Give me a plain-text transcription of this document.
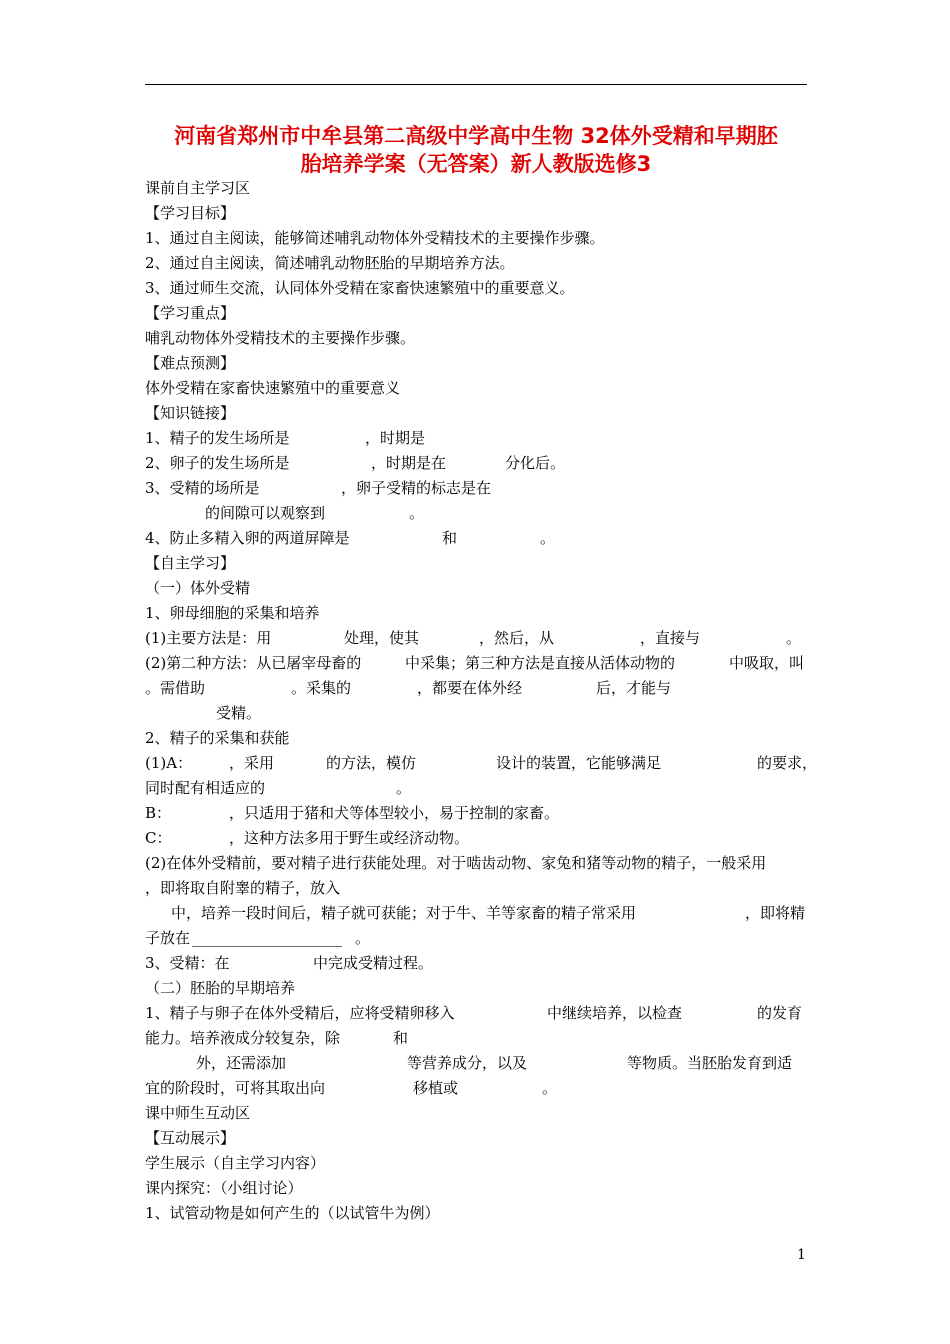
河南省郑州市中牟县第二高级中学高中生物 32体外受精和早期胚
胎培养学案（无答案）新人教版选修3
课前自主学习区
【学习目标】
1、通过自主阅读，能够简述哺乳动物体外受精技术的主要操作步骤。
2、通过自主阅读，简述哺乳动物胚胎的早期培养方法。
3、通过师生交流，认同体外受精在家畜快速繁殖中的重要意义。
【学习重点】
哺乳动物体外受精技术的主要操作步骤。
【难点预测】
体外受精在家畜快速繁殖中的重要意义
【知识链接】
1、精子的发生场所是	，时期是
2、卵子的发生场所是	，时期是在	分化后。
3、受精的场所是	，卵子受精的标志是在
的间隙可以观察到	。
4、防止多精入卵的两道屏障是	和	。
【自主学习】
（一）体外受精
1、卵母细胞的采集和培养
(1)主要方法是：用	处理，使其	，然后，从	，直接与	。
(2)第二种方法：从已屠宰母畜的	中采集；第三种方法是直接从活体动物的	中吸取，叫
。需借助	。采集的	，都要在体外经	后，才能与
受精。
2、精子的采集和获能
(1)A： ，采用	的方法，模仿	设计的装置，它能够满足	的要求，
同时配有相适应的	。
B：	，只适用于猪和犬等体型较小，易于控制的家畜。
C：	，这种方法多用于野生或经济动物。
(2)在体外受精前，要对精子进行获能处理。对于啮齿动物、家兔和猪等动物的精子，一般采用
，即将取自附睾的精子，放入
中，培养一段时间后，精子就可获能；对于牛、羊等家畜的精子常采用	，即将精
子放在 ____________________ 。
3、受精：在	中完成受精过程。
（二）胚胎的早期培养
1、精子与卵子在体外受精后，应将受精卵移入	中继续培养，以检查	的发育
能力。培养液成分较复杂，除	和
外，还需添加	等营养成分，以及	等物质。当胚胎发育到适
宜的阶段时，可将其取出向	移植或	。
课中师生互动区
【互动展示】
学生展示（自主学习内容）
课内探究：（小组讨论）
1、试管动物是如何产生的（以试管牛为例）
1
